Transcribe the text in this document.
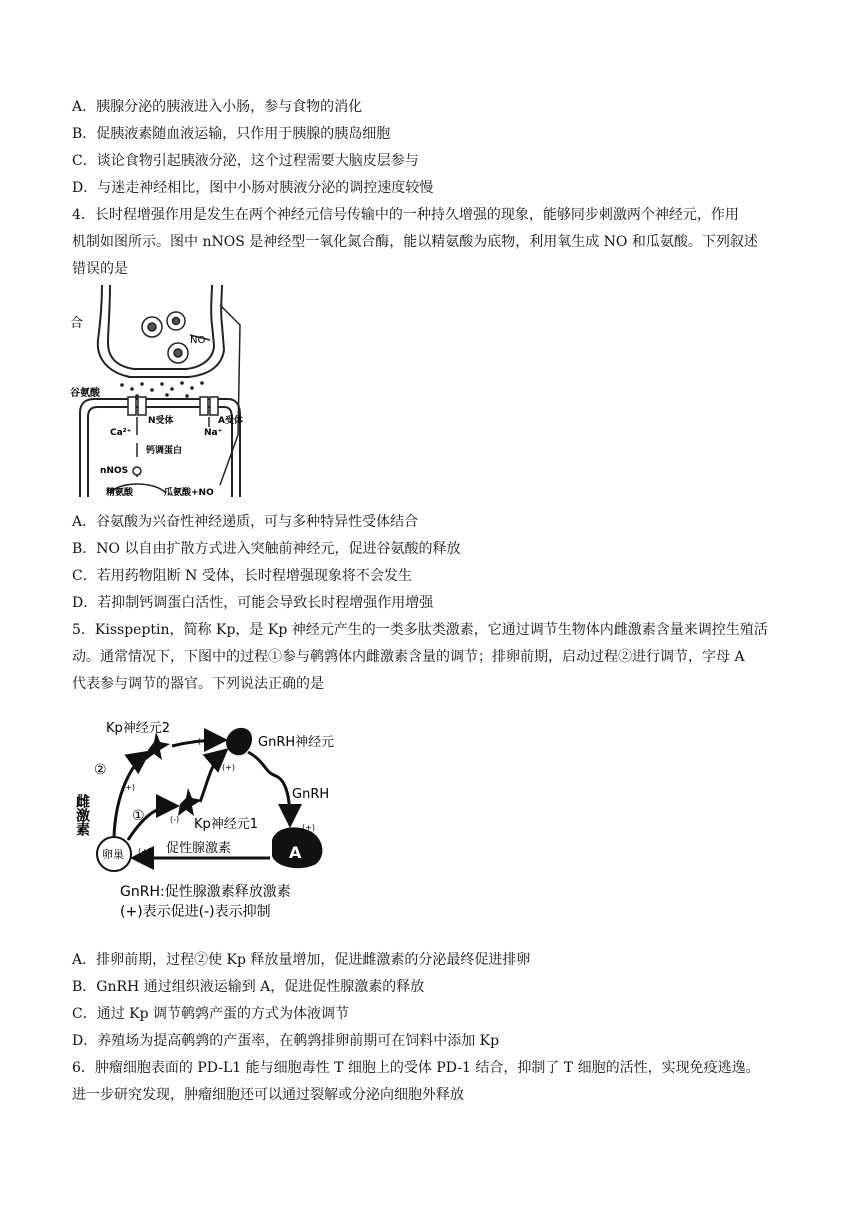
A．胰腺分泌的胰液进入小肠，参与食物的消化
B．促胰液素随血液运输，只作用于胰腺的胰岛细胞
C．谈论食物引起胰液分泌，这个过程需要大脑皮层参与
D．与迷走神经相比，图中小肠对胰液分泌的调控速度较慢
4．长时程增强作用是发生在两个神经元信号传输中的一种持久增强的现象，能够同步刺激两个神经元，作用
机制如图所示。图中 nNOS 是神经型一氧化氮合酶，能以精氨酸为底物，利用氧生成 NO 和瓜氨酸。下列叙述
错误的是
合
NO
谷氨酸
N受体	A受体
Ca²⁺	Na⁺
钙调蛋白
nNOS
精氨酸	瓜氨酸+NO
A．谷氨酸为兴奋性神经递质，可与多种特异性受体结合
B．NO 以自由扩散方式进入突触前神经元，促进谷氨酸的释放
C．若用药物阻断 N 受体，长时程增强现象将不会发生
D．若抑制钙调蛋白活性，可能会导致长时程增强作用增强
5．Kisspeptin，简称 Kp，是 Kp 神经元产生的一类多肽类激素，它通过调节生物体内雌激素含量来调控生殖活
动。通常情况下，下图中的过程①参与鹌鹑体内雌激素含量的调节；排卵前期，启动过程②进行调节，字母 A
代表参与调节的器官。下列说法正确的是
Kp神经元2
GnRH神经元
GnRH
Kp神经元1
②
①
雌激素
卵巢	A
促性腺激素
(+)
(+)
(+)
(+)
(-)
(+)
GnRH:促性腺激素释放激素
(+)表示促进(-)表示抑制
A．排卵前期，过程②使 Kp 释放量增加，促进雌激素的分泌最终促进排卵
B．GnRH 通过组织液运输到 A，促进促性腺激素的释放
C．通过 Kp 调节鹌鹑产蛋的方式为体液调节
D．养殖场为提高鹌鹑的产蛋率，在鹌鹑排卵前期可在饲料中添加 Kp
6．肿瘤细胞表面的 PD-L1 能与细胞毒性 T 细胞上的受体 PD-1 结合，抑制了 T 细胞的活性，实现免疫逃逸。
进一步研究发现，肿瘤细胞还可以通过裂解或分泌向细胞外释放
